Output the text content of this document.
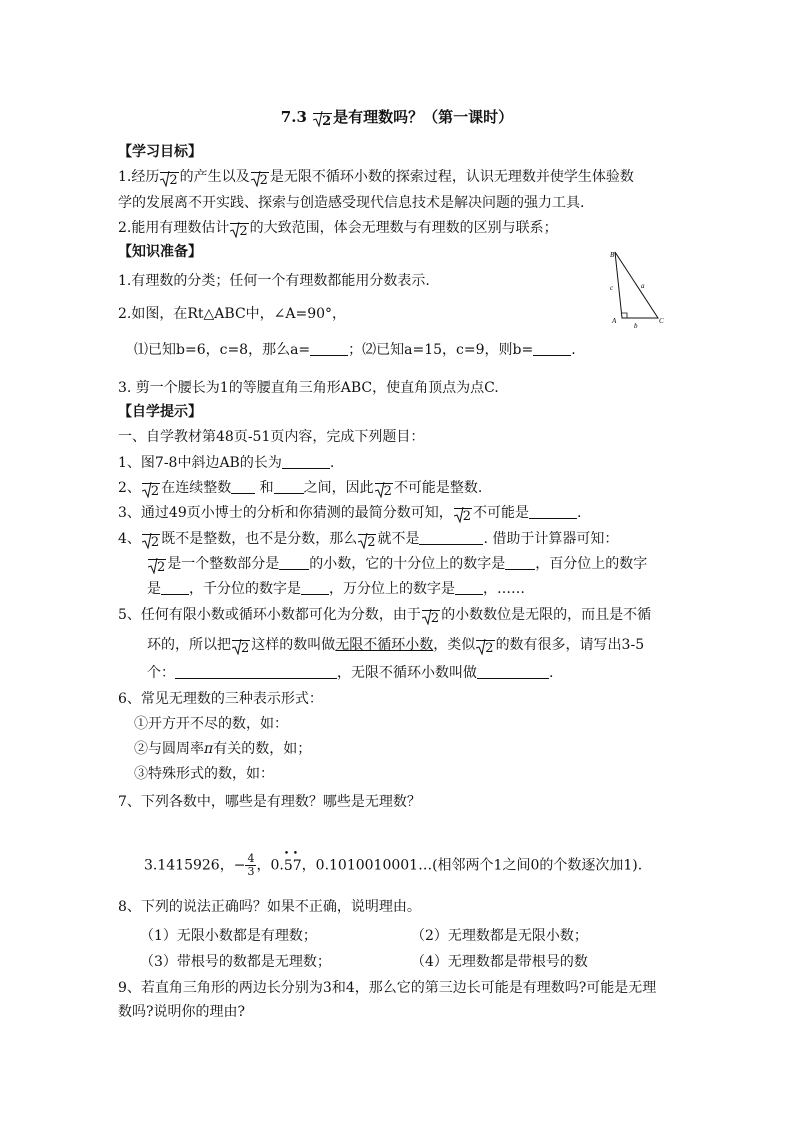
7.3
2 是有理数吗？（第一课时）
【学习目标】
1.经历 2 的产生以及 2 是无限不循环小数的探索过程，认识无理数并使学生体验数
学的发展离不开实践、探索与创造感受现代信息技术是解决问题的强力工具.
2.能用有理数估计 2 的大致范围，体会无理数与有理数的区别与联系；
【知识准备】
1.有理数的分类；任何一个有理数都能用分数表示.
2.如图，在Rt△ABC中，∠A=90°，
⑴已知b=6，c=8，那么a=	；⑵已知a=15，c=9，则b=	.
3. 剪一个腰长为1的等腰直角三角形ABC，使直角顶点为点C.
B
A	C
a
b
c
【自学提示】
一、自学教材第48页-51页内容，完成下列题目：
1、图7-8中斜边AB的长为	.
2、 2 在连续整数 和 之间，因此 2 不可能是整数.
3、通过49页小博士的分析和你猜测的最简分数可知， 2 不可能是	.
4、 2 既不是整数，也不是分数，那么 2 就不是	. 借助于计算器可知：
2 是一个整数部分是 的小数，它的十分位上的数字是 ，百分位上的数字
是 ，千分位的数字是 ，万分位上的数字是 ，……
5、任何有限小数或循环小数都可化为分数，由于 2 的小数数位是无限的，而且是不循
环的，所以把 2 这样的数叫做无限不循环小数，类似 2 的数有很多，请写出3-5
个：	，无限不循环小数叫做	.
6、常见无理数的三种表示形式：
①开方开不尽的数，如：
②与圆周率π有关的数，如；
③特殊形式的数，如：
7、下列各数中，哪些是有理数？哪些是无理数？
3.1415926，− $\frac{4}{3}$ ，0.• 5• 7，0.1010010001…(相邻两个1之间0的个数逐次加1).
8、下列的说法正确吗？如果不正确，说明理由。
（1）无限小数都是有理数；	（2）无理数都是无限小数；
（3）带根号的数都是无理数；	（4）无理数都是带根号的数
9、若直角三角形的两边长分别为3和4，那么它的第三边长可能是有理数吗?可能是无理
数吗?说明你的理由?
